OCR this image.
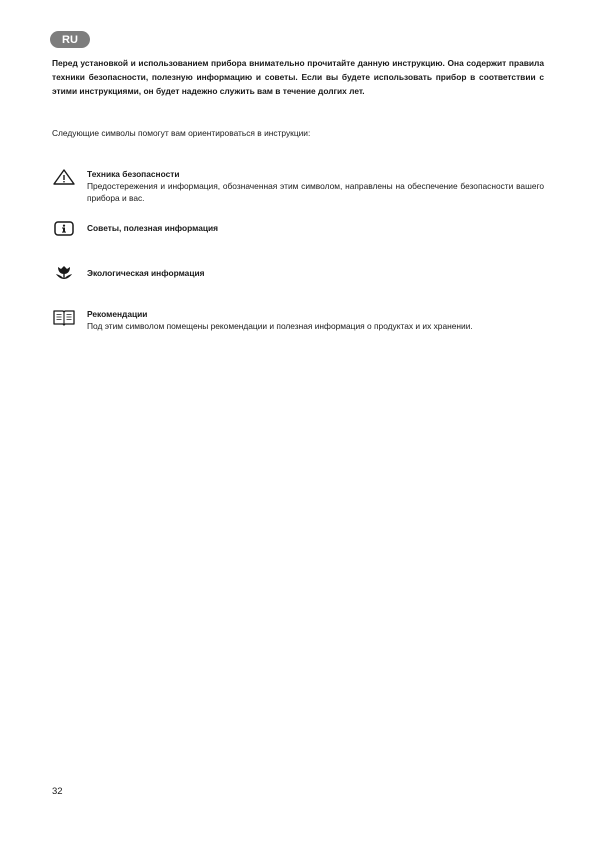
RU
Перед установкой и использованием прибора внимательно прочитайте данную инструкцию. Она содержит правила техники безопасности, полезную информацию и советы. Если вы будете использовать прибор в соответствии с этими инструкциями, он будет надежно служить вам в течение долгих лет.
Следующие символы помогут вам ориентироваться в инструкции:
Техника безопасности
Предостережения и информация, обозначенная этим символом, направлены на обеспечение безопасности вашего прибора и вас.
Советы, полезная информация
Экологическая информация
Рекомендации
Под этим символом помещены рекомендации и полезная информация о продуктах и их хранении.
32
